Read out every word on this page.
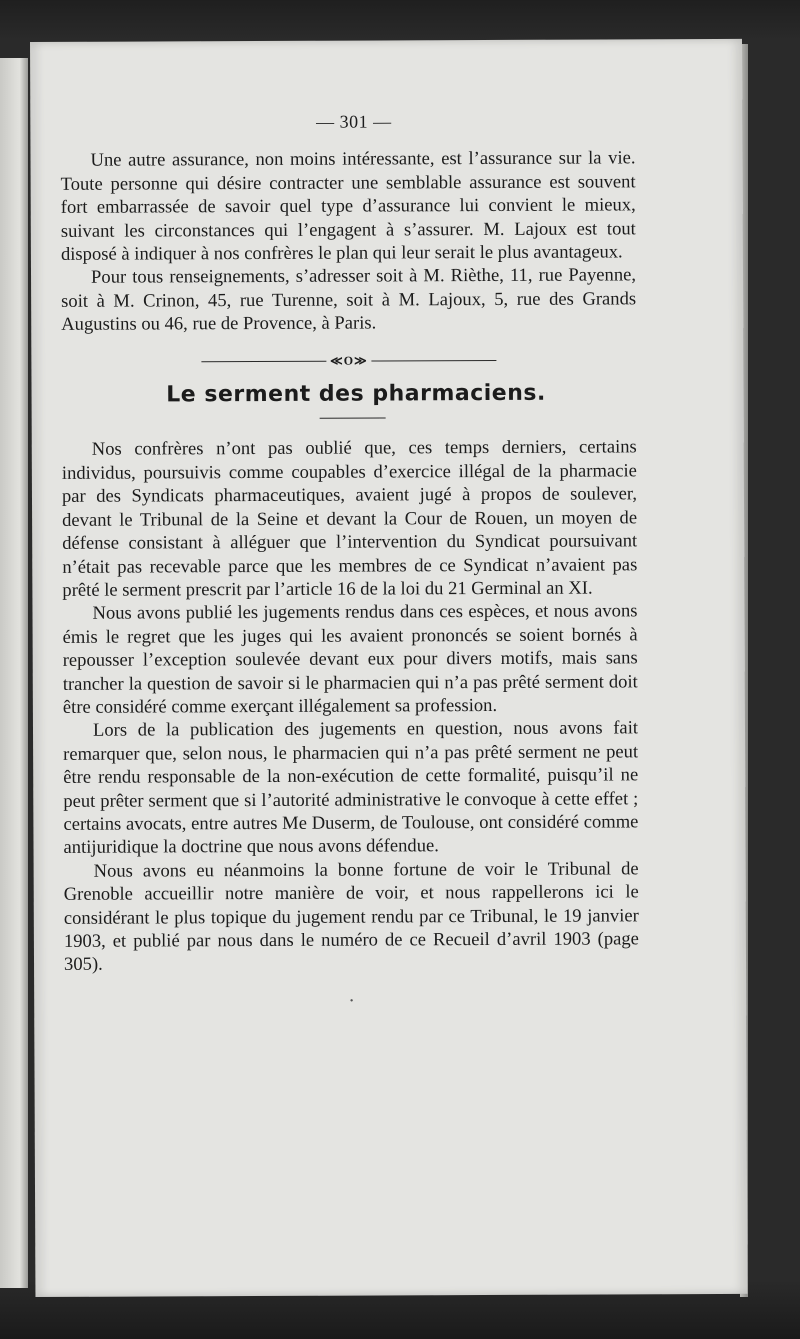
— 301 —

Une autre assurance, non moins intéressante, est l’assurance sur la vie. Toute personne qui désire contracter une semblable assurance est souvent fort embarrassée de savoir quel type d’assurance lui convient le mieux, suivant les circonstances qui l’engagent à s’assurer. M. Lajoux est tout disposé à indiquer à nos confrères le plan qui leur serait le plus avantageux.

Pour tous renseignements, s’adresser soit à M. Rièthe, 11, rue Payenne, soit à M. Crinon, 45, rue Turenne, soit à M. Lajoux, 5, rue des Grands Augustins ou 46, rue de Provence, à Paris.

≪O≫
Le serment des pharmaciens.

Nos confrères n’ont pas oublié que, ces temps derniers, certains individus, poursuivis comme coupables d’exercice illégal de la pharmacie par des Syndicats pharmaceutiques, avaient jugé à propos de soulever, devant le Tribunal de la Seine et devant la Cour de Rouen, un moyen de défense consistant à alléguer que l’intervention du Syndicat poursuivant n’était pas recevable parce que les membres de ce Syndicat n’avaient pas prêté le serment prescrit par l’article 16 de la loi du 21 Germinal an XI.

Nous avons publié les jugements rendus dans ces espèces, et nous avons émis le regret que les juges qui les avaient prononcés se soient bornés à repousser l’exception soulevée devant eux pour divers motifs, mais sans trancher la question de savoir si le pharmacien qui n’a pas prêté serment doit être considéré comme exerçant illégalement sa profession.

Lors de la publication des jugements en question, nous avons fait remarquer que, selon nous, le pharmacien qui n’a pas prêté serment ne peut être rendu responsable de la non-exécution de cette formalité, puisqu’il ne peut prêter serment que si l’autorité administrative le convoque à cette effet ; certains avocats, entre autres Me Duserm, de Toulouse, ont considéré comme antijuridique la doctrine que nous avons défendue.

Nous avons eu néanmoins la bonne fortune de voir le Tribunal de Grenoble accueillir notre manière de voir, et nous rappellerons ici le considérant le plus topique du jugement rendu par ce Tribunal, le 19 janvier 1903, et publié par nous dans le numéro de ce Recueil d’avril 1903 (page 305).

•
